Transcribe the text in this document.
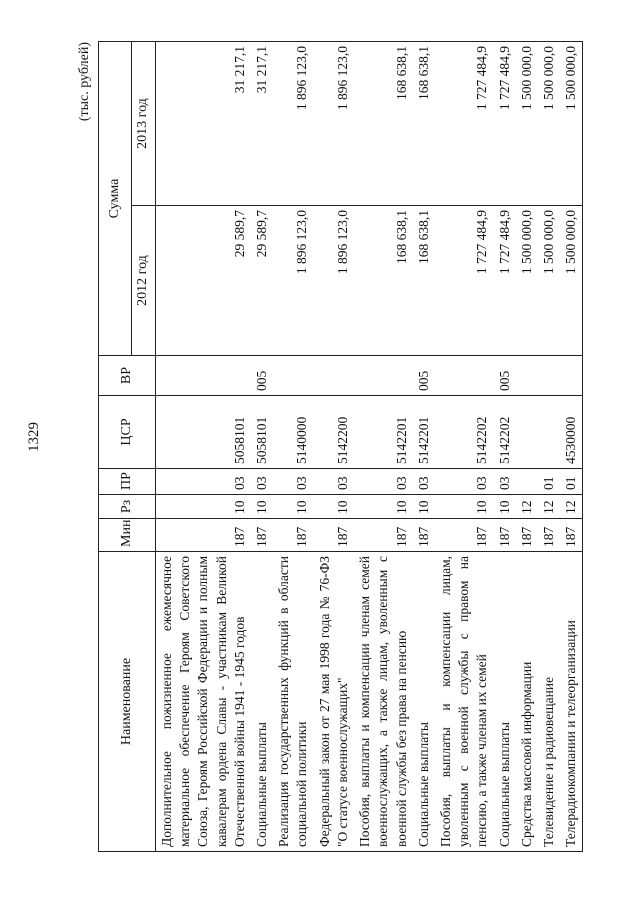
1329
(тыс. рублей)
Наименование	Мин	Рз	ПР	ЦСР	ВР	Сумма	
						2012 год	2013 год
Дополнительное пожизненное ежемесячное материальное обеспечение Героям Советского Союза, Героям Российской Федерации и полным кавалерам ордена Славы - участникам Великой Отечественной войны 1941 - 1945 годов	187	10	03	5058101		29 589,7	31 217,1
Социальные выплаты	187	10	03	5058101	005	29 589,7	31 217,1
Реализация государственных функций в области социальной политики	187	10	03	5140000		1 896 123,0	1 896 123,0
Федеральный закон от 27 мая 1998 года № 76-ФЗ "О статусе военнослужащих"	187	10	03	5142200		1 896 123,0	1 896 123,0
Пособия, выплаты и компенсации членам семей военнослужащих, а также лицам, уволенным с военной службы без права на пенсию	187	10	03	5142201		168 638,1	168 638,1
Социальные выплаты	187	10	03	5142201	005	168 638,1	168 638,1
Пособия, выплаты и компенсации лицам, уволенным с военной службы с правом на пенсию, а также членам их семей	187	10	03	5142202		1 727 484,9	1 727 484,9
Социальные выплаты	187	10	03	5142202	005	1 727 484,9	1 727 484,9
Средства массовой информации	187	12				1 500 000,0	1 500 000,0
Телевидение и радиовещание	187	12	01			1 500 000,0	1 500 000,0
Телерадиокомпании и телеорганизации	187	12	01	4530000		1 500 000,0	1 500 000,0
